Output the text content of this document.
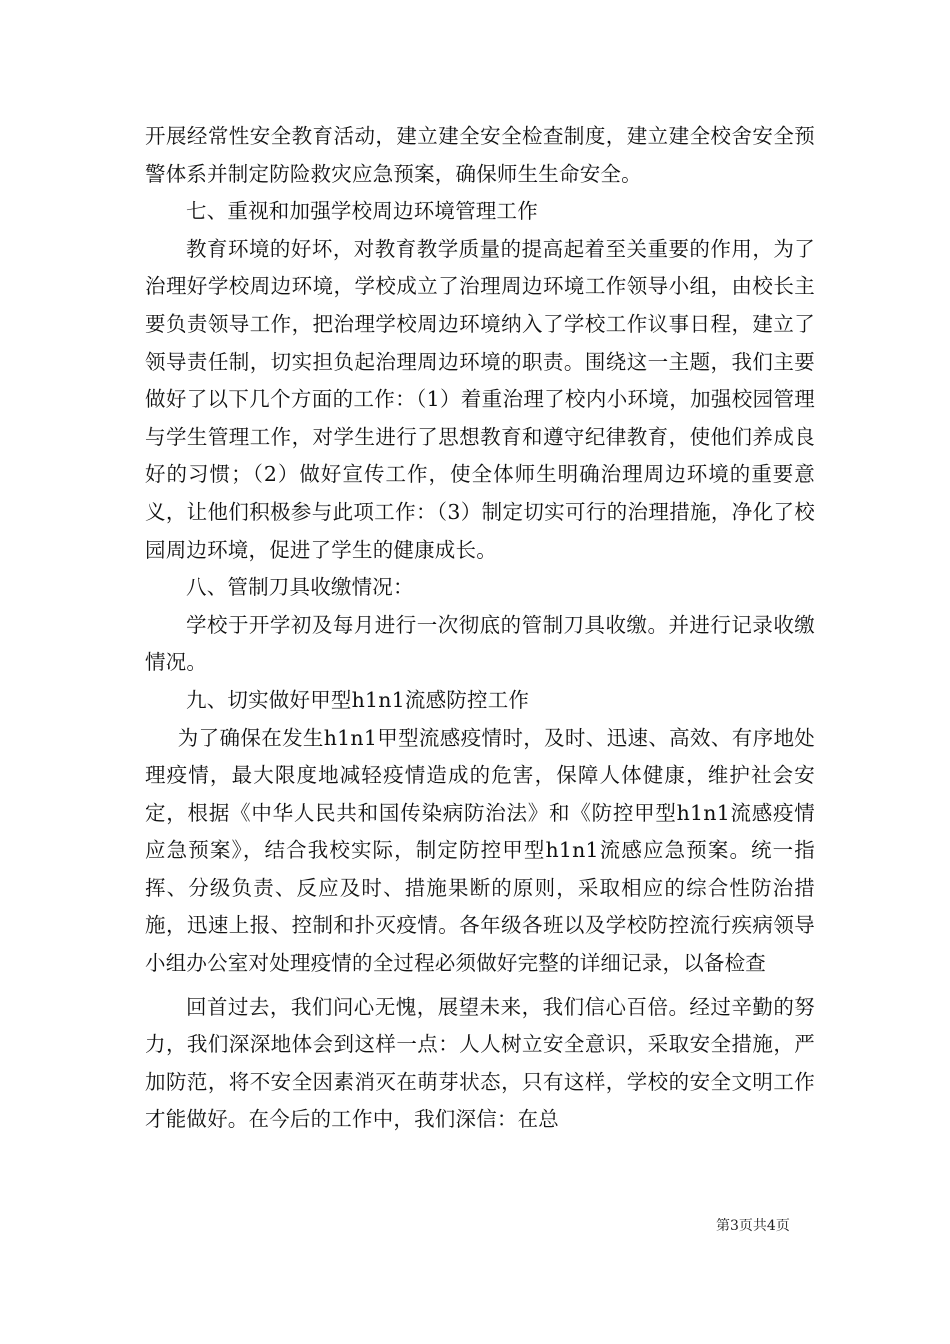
开展经常性安全教育活动，建立建全安全检查制度，建立建全校舍安全预警体系并制定防险救灾应急预案，确保师生生命安全。

七、重视和加强学校周边环境管理工作

教育环境的好坏，对教育教学质量的提高起着至关重要的作用，为了治理好学校周边环境，学校成立了治理周边环境工作领导小组，由校长主要负责领导工作，把治理学校周边环境纳入了学校工作议事日程，建立了领导责任制，切实担负起治理周边环境的职责。围绕这一主题，我们主要做好了以下几个方面的工作：（1）着重治理了校内小环境，加强校园管理与学生管理工作，对学生进行了思想教育和遵守纪律教育，使他们养成良好的习惯；（2）做好宣传工作，使全体师生明确治理周边环境的重要意义，让他们积极参与此项工作：（3）制定切实可行的治理措施，净化了校园周边环境，促进了学生的健康成长。

八、管制刀具收缴情况：

学校于开学初及每月进行一次彻底的管制刀具收缴。并进行记录收缴情况。

九、切实做好甲型h1n1流感防控工作

为了确保在发生h1n1甲型流感疫情时，及时、迅速、高效、有序地处理疫情，最大限度地减轻疫情造成的危害，保障人体健康，维护社会安定，根据《中华人民共和国传染病防治法》和《防控甲型h1n1流感疫情应急预案》，结合我校实际，制定防控甲型h1n1流感应急预案。统一指挥、分级负责、反应及时、措施果断的原则，采取相应的综合性防治措施，迅速上报、控制和扑灭疫情。各年级各班以及学校防控流行疾病领导小组办公室对处理疫情的全过程必须做好完整的详细记录，以备检查

回首过去，我们问心无愧，展望未来，我们信心百倍。经过辛勤的努力，我们深深地体会到这样一点：人人树立安全意识，采取安全措施，严加防范，将不安全因素消灭在萌芽状态，只有这样，学校的安全文明工作才能做好。在今后的工作中，我们深信：在总

第3页共4页
